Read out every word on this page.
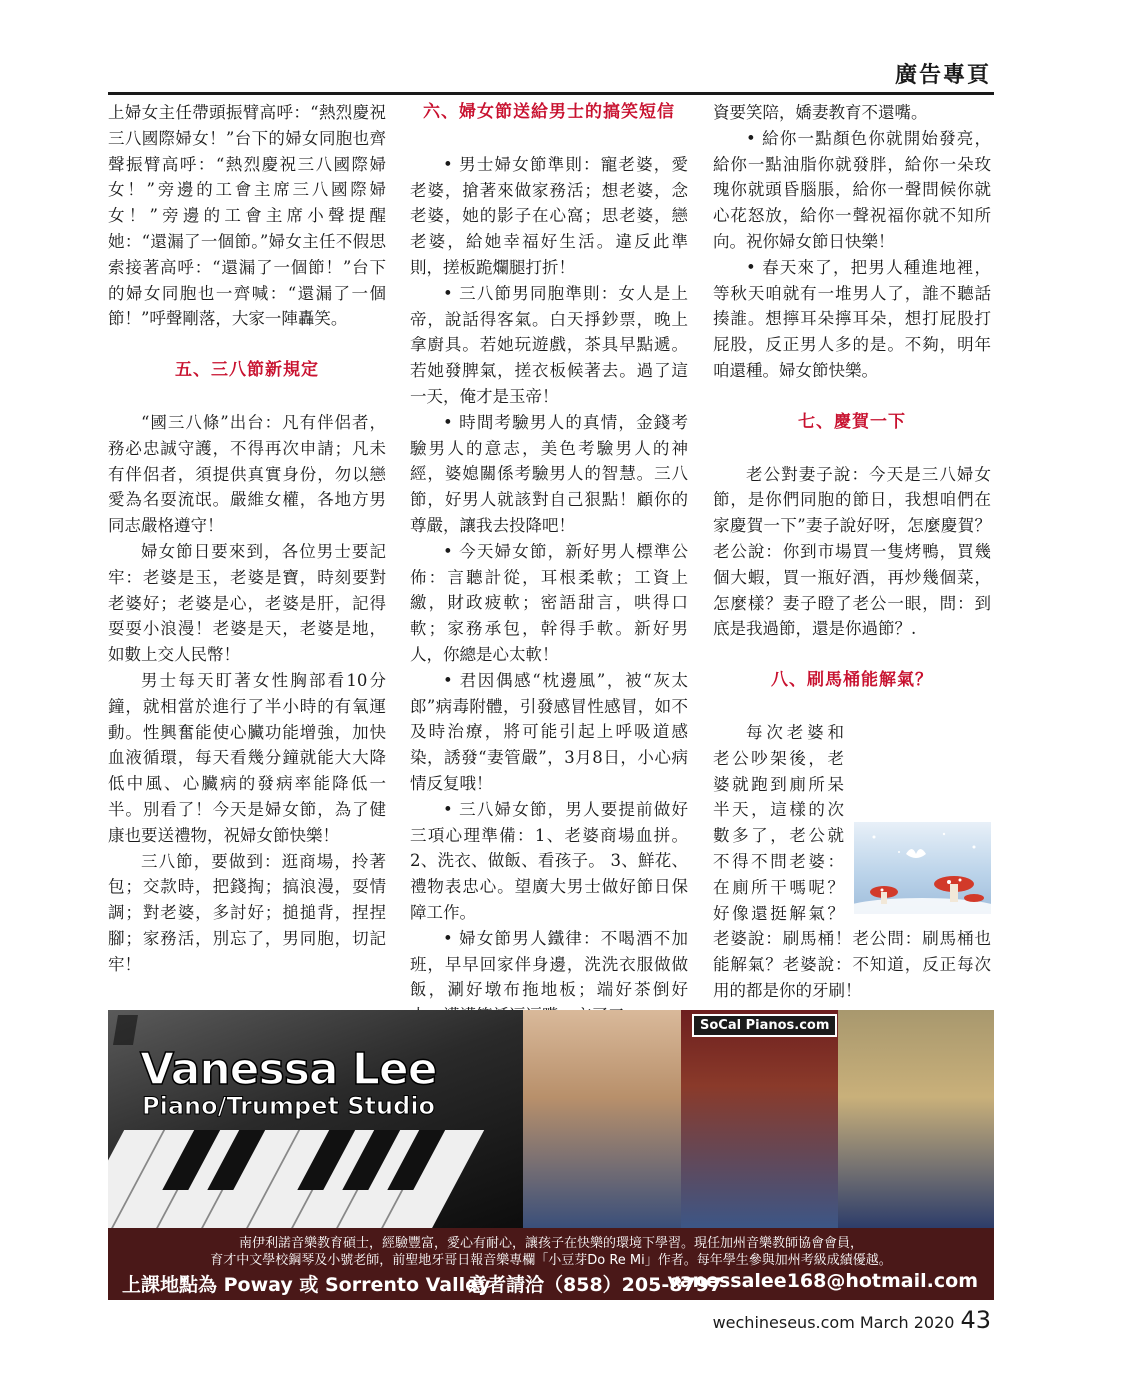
廣告專頁

上婦女主任帶頭振臂高呼：“熱烈慶祝三八國際婦女！”台下的婦女同胞也齊聲振臂高呼：“熱烈慶祝三八國際婦女！”旁邊的工會主席三八國際婦女！”旁邊的工會主席小聲提醒她：“還漏了一個節。”婦女主任不假思索接著高呼：“還漏了一個節！”台下的婦女同胞也一齊喊：“還漏了一個節！”呼聲剛落，大家一陣轟笑。

五、三八節新規定

“國三八條”出台：凡有伴侶者，務必忠誠守護，不得再次申請；凡未有伴侶者，須提供真實身份，勿以戀愛為名耍流氓。嚴維女權，各地方男同志嚴格遵守！

婦女節日要來到，各位男士要記牢：老婆是玉，老婆是寶，時刻要對老婆好；老婆是心，老婆是肝，記得耍耍小浪漫！老婆是天，老婆是地，如數上交人民幣！

男士每天盯著女性胸部看10分鐘，就相當於進行了半小時的有氧運動。性興奮能使心臟功能增強，加快血液循環，每天看幾分鐘就能大大降低中風、心臟病的發病率能降低一半。別看了！今天是婦女節，為了健康也要送禮物，祝婦女節快樂！

三八節，要做到：逛商場，拎著包；交款時，把錢掏；搞浪漫，耍情調；對老婆，多討好；搥搥背，捏捏腳；家務活，別忘了，男同胞，切記牢！

六、婦女節送給男士的搞笑短信

• 男士婦女節準則：寵老婆，愛老婆，搶著來做家務活；想老婆，念老婆，她的影子在心窩；思老婆，戀老婆，給她幸福好生活。違反此準則，搓板跪爛腿打折！

• 三八節男同胞準則：女人是上帝，說話得客氣。白天掙鈔票，晚上拿廚具。若她玩遊戲，茶具早點遞。若她發脾氣，搓衣板候著去。過了這一天，俺才是玉帝！

• 時間考驗男人的真情，金錢考驗男人的意志，美色考驗男人的神經，婆媳關係考驗男人的智慧。三八節，好男人就該對自己狠點！顧你的尊嚴，讓我去投降吧！

• 今天婦女節，新好男人標準公佈：言聽計從，耳根柔軟；工資上繳，財政疲軟；密語甜言，哄得口軟；家務承包，幹得手軟。新好男人，你總是心太軟！

• 君因偶感“枕邊風”，被“灰太郎”病毒附體，引發感冒性感冒，如不及時治療，將可能引起上呼吸道感染，誘發“妻管嚴”，3月8日，小心病情反复哦！

• 三八婦女節，男人要提前做好三項心理準備：1、老婆商場血拼。 2、洗衣、做飯、看孩子。 3、鮮花、禮物表忠心。望廣大男士做好節日保障工作。

• 婦女節男人鐵律：不喝酒不加班，早早回家伴身邊，洗洗衣服做做飯，涮好墩布拖地板；端好茶倒好

資要笑陪，嬌妻教育不還嘴。

• 給你一點顏色你就開始發亮，給你一點油脂你就發胖，給你一朵玫瑰你就頭昏腦脹，給你一聲問候你就心花怒放，給你一聲祝福你就不知所向。祝你婦女節日快樂！

• 春天來了，把男人種進地裡，等秋天咱就有一堆男人了，誰不聽話揍誰。想擰耳朵擰耳朵，想打屁股打屁股，反正男人多的是。不夠，明年咱還種。婦女節快樂。

七、慶賀一下

老公對妻子說：今天是三八婦女節，是你們同胞的節日，我想咱們在家慶賀一下”妻子說好呀，怎麼慶賀？老公說：你到市場買一隻烤鴨，買幾個大蝦，買一瓶好酒，再炒幾個菜，怎麼樣？妻子瞪了老公一眼，問：到底是我過節，還是你過節？.

八、刷馬桶能解氣？

每次老婆和老公吵架後，老婆就跑到廁所呆半天，這樣的次數多了，老公就不得不問老婆：在廁所干嗎呢？好像還挺解氣？老婆說：刷馬桶！老公問：刷馬桶也能解氣？老婆說：不知道，反正每次用的都是你的牙刷！

Vanessa Lee
Piano/Trumpet Studio
SoCal Pianos.com
南伊利諾音樂教育碩士，經驗豐富，愛心有耐心，讓孩子在快樂的環境下學習。現任加州音樂教師協會會員，
育才中文學校鋼琴及小號老師，前聖地牙哥日報音樂專欄「小豆芽Do Re Mi」作者。每年學生參與加州考級成績優越。
上課地點為 Poway 或 Sorrento Valley
意者請洽（858）205-8797
vanessalee168@hotmail.com
wechineseus.com March 2020 43
